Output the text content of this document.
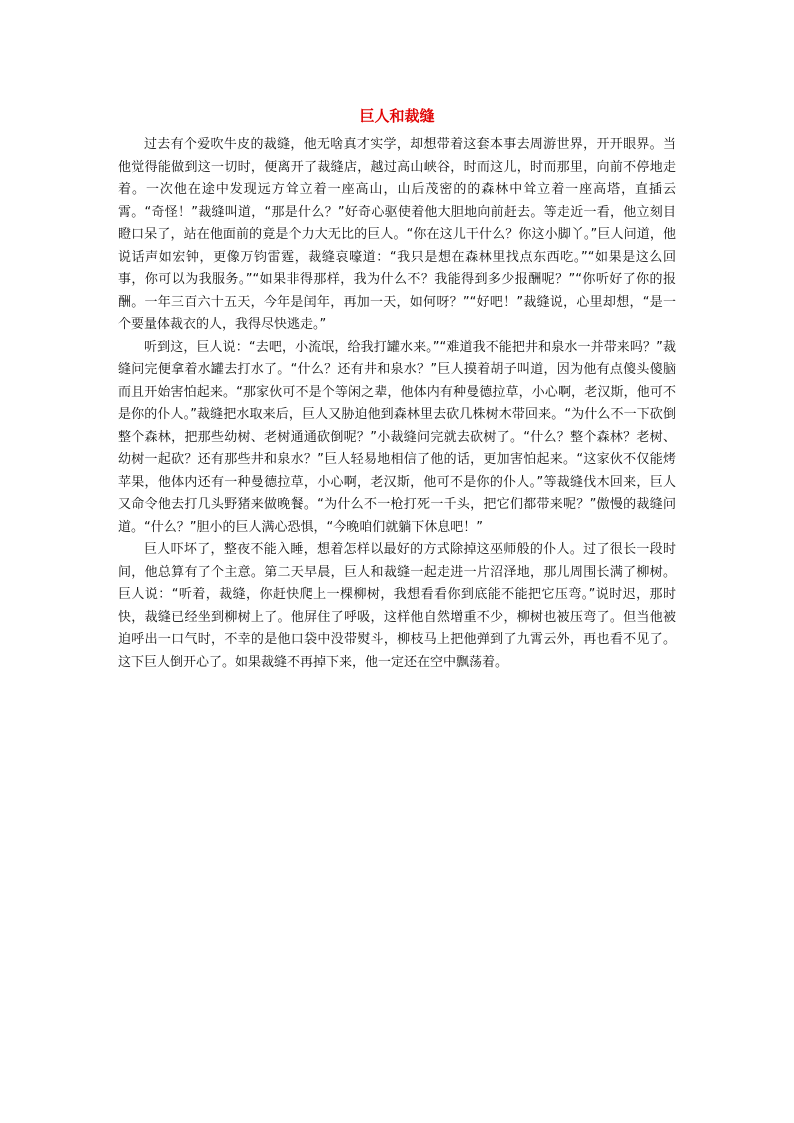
巨人和裁缝

过去有个爱吹牛皮的裁缝，他无啥真才实学，却想带着这套本事去周游世界，开开眼界。当他觉得能做到这一切时，便离开了裁缝店，越过高山峡谷，时而这儿，时而那里，向前不停地走着。一次他在途中发现远方耸立着一座高山，山后茂密的的森林中耸立着一座高塔，直插云霄。“奇怪！”裁缝叫道，“那是什么？”好奇心驱使着他大胆地向前赶去。等走近一看，他立刻目瞪口呆了，站在他面前的竟是个力大无比的巨人。“你在这儿干什么？你这小脚丫。”巨人问道，他说话声如宏钟，更像万钧雷霆，裁缝哀嚎道：“我只是想在森林里找点东西吃。”“如果是这么回事，你可以为我服务。”“如果非得那样，我为什么不？我能得到多少报酬呢？”“你听好了你的报酬。一年三百六十五天，今年是闰年，再加一天，如何呀？”“好吧！”裁缝说，心里却想，“是一个要量体裁衣的人，我得尽快逃走。”

听到这，巨人说：“去吧，小流氓，给我打罐水来。”“难道我不能把井和泉水一并带来吗？”裁缝问完便拿着水罐去打水了。“什么？还有井和泉水？”巨人摸着胡子叫道，因为他有点傻头傻脑而且开始害怕起来。“那家伙可不是个等闲之辈，他体内有种曼德拉草，小心啊，老汉斯，他可不是你的仆人。”裁缝把水取来后，巨人又胁迫他到森林里去砍几株树木带回来。“为什么不一下砍倒整个森林，把那些幼树、老树通通砍倒呢？”小裁缝问完就去砍树了。“什么？整个森林？老树、幼树一起砍？还有那些井和泉水？”巨人轻易地相信了他的话，更加害怕起来。“这家伙不仅能烤苹果，他体内还有一种曼德拉草，小心啊，老汉斯，他可不是你的仆人。”等裁缝伐木回来，巨人又命令他去打几头野猪来做晚餐。“为什么不一枪打死一千头，把它们都带来呢？”傲慢的裁缝问道。“什么？”胆小的巨人满心恐惧，“今晚咱们就躺下休息吧！”

巨人吓坏了，整夜不能入睡，想着怎样以最好的方式除掉这巫师般的仆人。过了很长一段时间，他总算有了个主意。第二天早晨，巨人和裁缝一起走进一片沼泽地，那儿周围长满了柳树。巨人说：“听着，裁缝，你赶快爬上一棵柳树，我想看看你到底能不能把它压弯。”说时迟，那时快，裁缝已经坐到柳树上了。他屏住了呼吸，这样他自然增重不少，柳树也被压弯了。但当他被迫呼出一口气时，不幸的是他口袋中没带熨斗，柳枝马上把他弹到了九霄云外，再也看不见了。这下巨人倒开心了。如果裁缝不再掉下来，他一定还在空中飘荡着。
